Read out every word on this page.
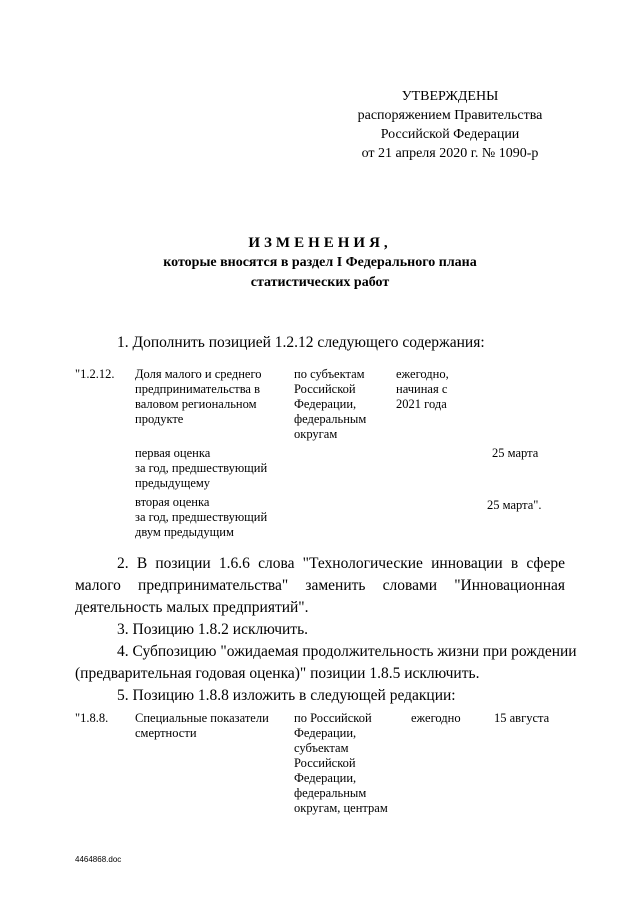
УТВЕРЖДЕНЫ
распоряжением Правительства
Российской Федерации
от 21 апреля 2020 г. № 1090-р
ИЗМЕНЕНИЯ,
которые вносятся в раздел I Федерального плана
статистических работ
1. Дополнить позицией 1.2.12 следующего содержания:
"1.2.12. Доля малого и среднего
предпринимательства в
валовом региональном
продукте
по субъектам
Российской
Федерации,
федеральным
округам
ежегодно,
начиная с
2021 года
первая оценка
за год, предшествующий
предыдущему
25 марта
вторая оценка
за год, предшествующий
двум предыдущим
25 марта".
2. В позиции 1.6.6 слова "Технологические инновации в сфере
малого предпринимательства" заменить словами "Инновационная
деятельность малых предприятий".
3. Позицию 1.8.2 исключить.
4. Субпозицию "ожидаемая продолжительность жизни при рождении
(предварительная годовая оценка)" позиции 1.8.5 исключить.
5. Позицию 1.8.8 изложить в следующей редакции:
"1.8.8. Специальные показатели
смертности
по Российской
Федерации,
субъектам
Российской
Федерации,
федеральным
округам, центрам
ежегодно	15 августа
4464868.doc
